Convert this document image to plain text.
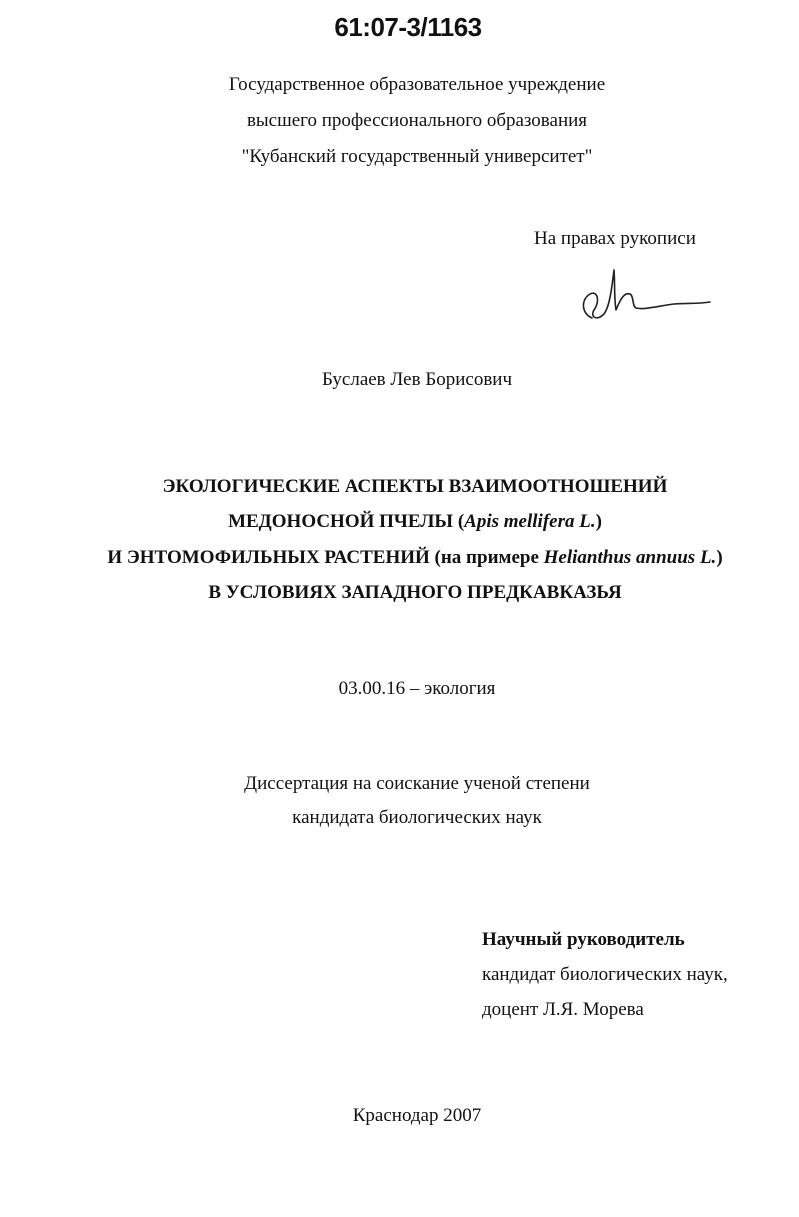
61:07-3/1163
Государственное образовательное учреждение
высшего профессионального образования
"Кубанский государственный университет"
На правах рукописи
Буслаев Лев Борисович
ЭКОЛОГИЧЕСКИЕ АСПЕКТЫ ВЗАИМООТНОШЕНИЙ
МЕДОНОСНОЙ ПЧЕЛЫ (Apis mellifera L.)
И ЭНТОМОФИЛЬНЫХ РАСТЕНИЙ (на примере Helianthus annuus L.)
В УСЛОВИЯХ ЗАПАДНОГО ПРЕДКАВКАЗЬЯ
03.00.16 – экология
Диссертация на соискание ученой степени
кандидата биологических наук
Научный руководитель
кандидат биологических наук,
доцент Л.Я. Морева
Краснодар 2007
